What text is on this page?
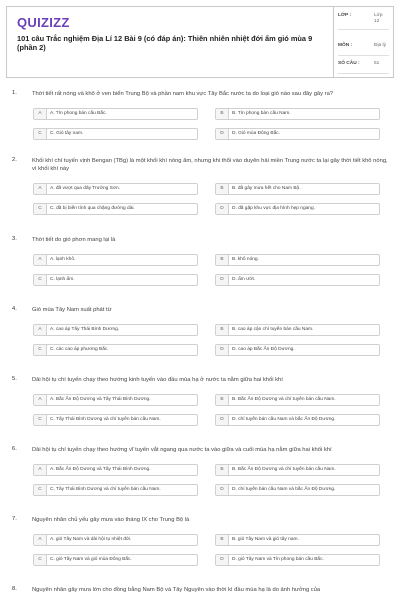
QUIZIZZ
101 câu Trắc nghiệm Địa Lí 12 Bài 9 (có đáp án): Thiên nhiên nhiệt đới ẩm gió mùa 9 (phần 2)
LỚP :	Lớp 12
MÔN :	Địa lý
SỐ CÂU :	51
1.	Thời tiết rất nóng và khô ở ven biển Trung Bộ và phần nam khu vực Tây Bắc nước ta do loại gió nào sau đây gây ra?
A	A. Tín phong bán cầu Bắc.	B	B. Tín phong bán cầu Nam.
C	C. Gió tây nam.	D	D. Gió mùa Đông Bắc.
2.	Khối khí chí tuyến vịnh Bengan (TBg) là một khối khí nóng ẩm, nhưng khi thổi vào duyên hải miền Trung nước ta lại gây thời tiết khô nóng, vì khối khí này
A	A. đã vượt qua dãy Trường Sơn.	B	B. đã gây mưa hết cho Nam Bộ.
C	C. đã bị biến tính qua chặng đường dài.	D	D. đã gặp khu vực địa hình hẹp ngang.
3.	Thời tiết do gió phơn mang lại là
A	A. lạnh khô.	B	B. khô nóng.
C	C. lạnh ẩm.	D	D. ẩm ướt.
4.	Gió mùa Tây Nam xuất phát từ
A	A. cao áp Tây Thái Bình Dương.	B	B. cao áp cận chí tuyến bán cầu Nam.
C	C. các cao áp phương Bắc.	D	D. cao áp Bắc Ấn Độ Dương.
5.	Dải hội tụ chí tuyến chạy theo hướng kinh tuyến vào đầu mùa hạ ở nước ta nằm giữa hai khối khí
A	A. Bắc Ấn Độ Dương và Tây Thái Bình Dương.	B	B. Bắc Ấn Độ Dương và chí tuyến bán cầu Nam.
C	C. Tây Thái Bình Dương và chí tuyến bán cầu Nam.	D	D. chí tuyến bán cầu Nam và bắc Ấn Độ Dương.
6.	Dải hội tụ chí tuyến chạy theo hướng vĩ tuyến vắt ngang qua nước ta vào giữa và cuối mùa hạ nằm giữa hai khối khí
A	A. Bắc Ấn Độ Dương và Tây Thái Bình Dương.	B	B. Bắc Ấn Độ Dương và chí tuyến bán cầu Nam.
C	C. Tây Thái Bình Dương và chí tuyến bán cầu Nam.	D	D. chí tuyến bán cầu Nam và bắc Ấn Độ Dương.
7.	Nguyên nhân chủ yếu gây mưa vào tháng IX cho Trung Bộ là
A	A. gió Tây Nam và dải hội tụ nhiệt đới.	B	B. gió Tây Nam và gió tây nam.
C	C. gió Tây Nam và gió mùa Đông Bắc.	D	D. gió Tây Nam và Tín phong bán cầu Bắc.
8.	Nguyên nhân gây mưa lớn cho đồng bằng Nam Bộ và Tây Nguyên vào thời kì đầu mùa hạ là do ảnh hưởng của
